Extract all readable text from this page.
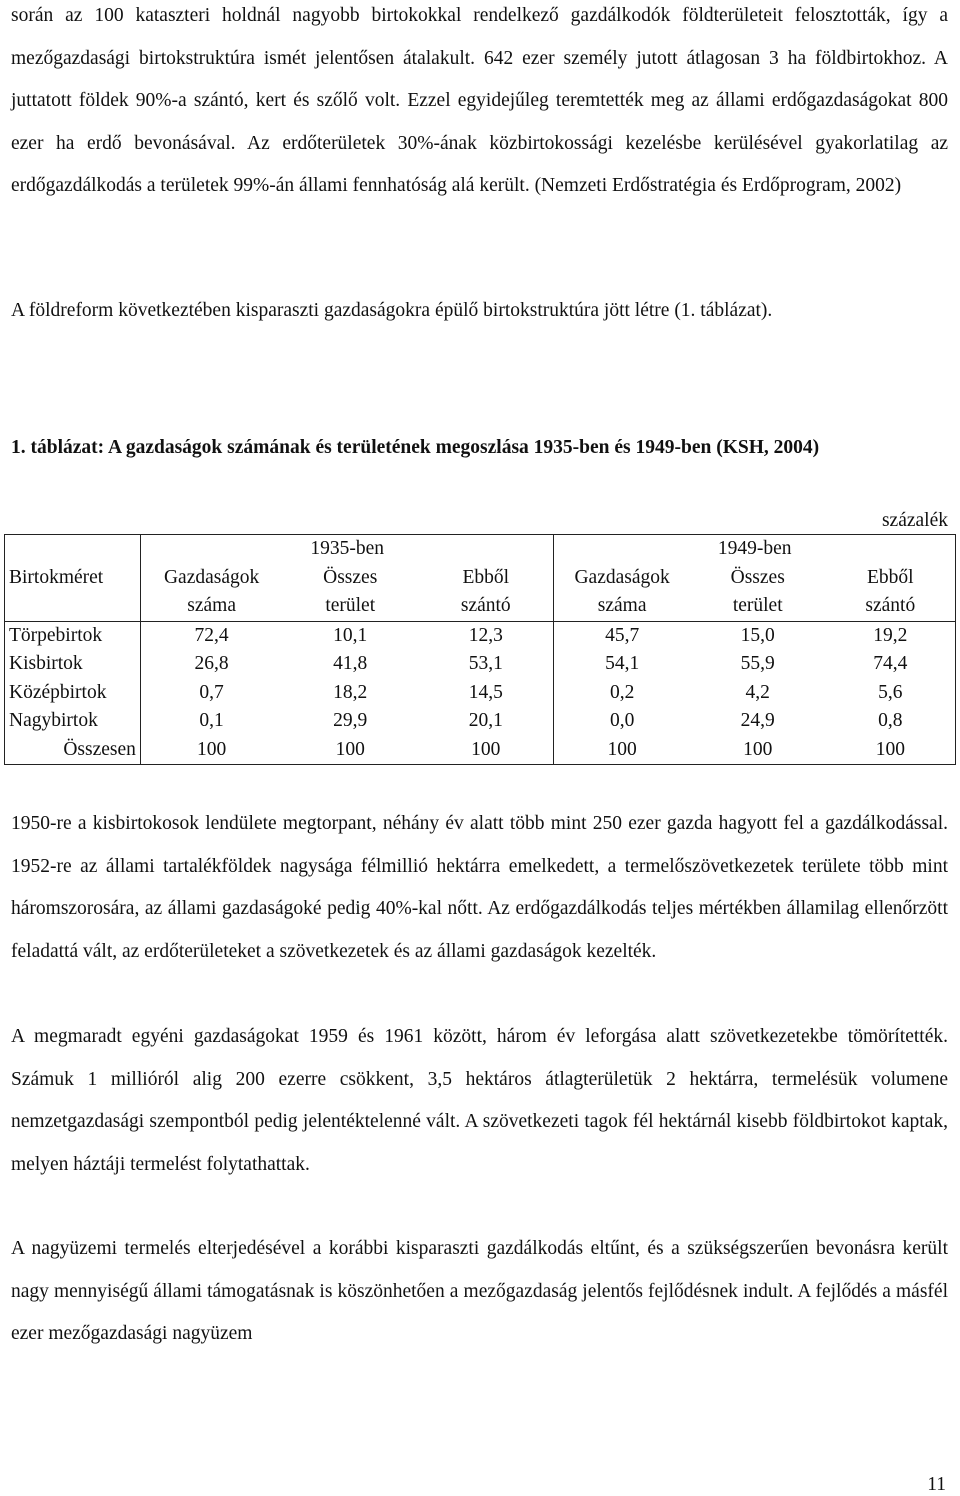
során az 100 kataszteri holdnál nagyobb birtokokkal rendelkező gazdálkodók földterületeit felosztották, így a mezőgazdasági birtokstruktúra ismét jelentősen átalakult. 642 ezer személy jutott átlagosan 3 ha földbirtokhoz. A juttatott földek 90%-a szántó, kert és szőlő volt. Ezzel egyidejűleg teremtették meg az állami erdőgazdaságokat 800 ezer ha erdő bevonásával. Az erdőterületek 30%-ának közbirtokossági kezelésbe kerülésével gyakorlatilag az erdőgazdálkodás a területek 99%-án állami fennhatóság alá került. (Nemzeti Erdőstratégia és Erdőprogram, 2002)

A földreform következtében kisparaszti gazdaságokra épülő birtokstruktúra jött létre (1. táblázat).

1. táblázat: A gazdaságok számának és területének megoszlása 1935-ben és 1949-ben (KSH, 2004)

százalék

	1935-ben			1949-ben		
Birtokméret	Gazdaságok	Összes	Ebből	Gazdaságok	Összes	Ebből
	száma	terület	szántó	száma	terület	szántó
Törpebirtok	72,4	10,1	12,3	45,7	15,0	19,2
Kisbirtok	26,8	41,8	53,1	54,1	55,9	74,4
Középbirtok	0,7	18,2	14,5	0,2	4,2	5,6
Nagybirtok	0,1	29,9	20,1	0,0	24,9	0,8
Összesen	100	100	100	100	100	100

1950-re a kisbirtokosok lendülete megtorpant, néhány év alatt több mint 250 ezer gazda hagyott fel a gazdálkodással. 1952-re az állami tartalékföldek nagysága félmillió hektárra emelkedett, a termelőszövetkezetek területe több mint háromszorosára, az állami gazdaságoké pedig 40%-kal nőtt. Az erdőgazdálkodás teljes mértékben államilag ellenőrzött feladattá vált, az erdőterületeket a szövetkezetek és az állami gazdaságok kezelték.

A megmaradt egyéni gazdaságokat 1959 és 1961 között, három év leforgása alatt szövetkezetekbe tömörítették. Számuk 1 millióról alig 200 ezerre csökkent, 3,5 hektáros átlagterületük 2 hektárra, termelésük volumene nemzetgazdasági szempontból pedig jelentéktelenné vált. A szövetkezeti tagok fél hektárnál kisebb földbirtokot kaptak, melyen háztáji termelést folytathattak.

A nagyüzemi termelés elterjedésével a korábbi kisparaszti gazdálkodás eltűnt, és a szükségszerűen bevonásra került nagy mennyiségű állami támogatásnak is köszönhetően a mezőgazdaság jelentős fejlődésnek indult. A fejlődés a másfél ezer mezőgazdasági nagyüzem

11
